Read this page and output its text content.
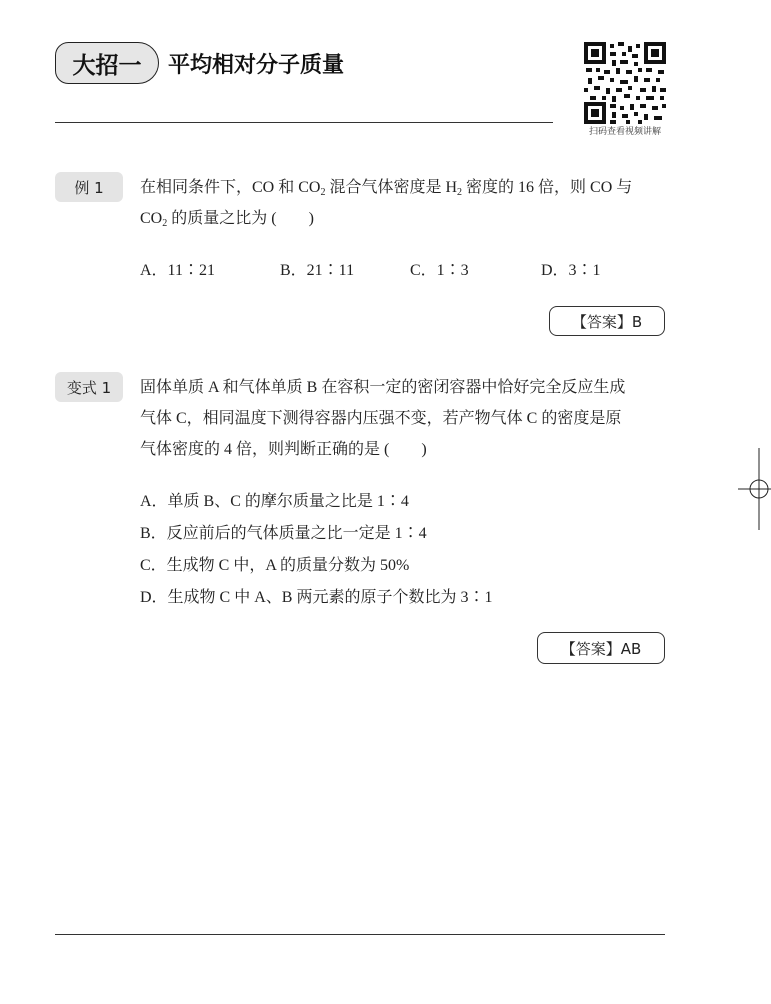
大招一 平均相对分子质量
扫码查看视频讲解
例 1	在相同条件下，CO 和 $CO_2$ 混合气体密度是 $H_2$ 密度的 16 倍，则 CO 与
$CO_2$ 的质量之比为 (　　)
A．11∶21	B．21∶11	C．1∶3	D．3∶1
【答案】B
变式 1	固体单质 A 和气体单质 B 在容积一定的密闭容器中恰好完全反应生成
气体 C，相同温度下测得容器内压强不变，若产物气体 C 的密度是原
气体密度的 4 倍，则判断正确的是 (　　)
A．单质 B、C 的摩尔质量之比是 1∶4
B．反应前后的气体质量之比一定是 1∶4
C．生成物 C 中，A 的质量分数为 50%
D．生成物 C 中 A、B 两元素的原子个数比为 3∶1
【答案】AB
